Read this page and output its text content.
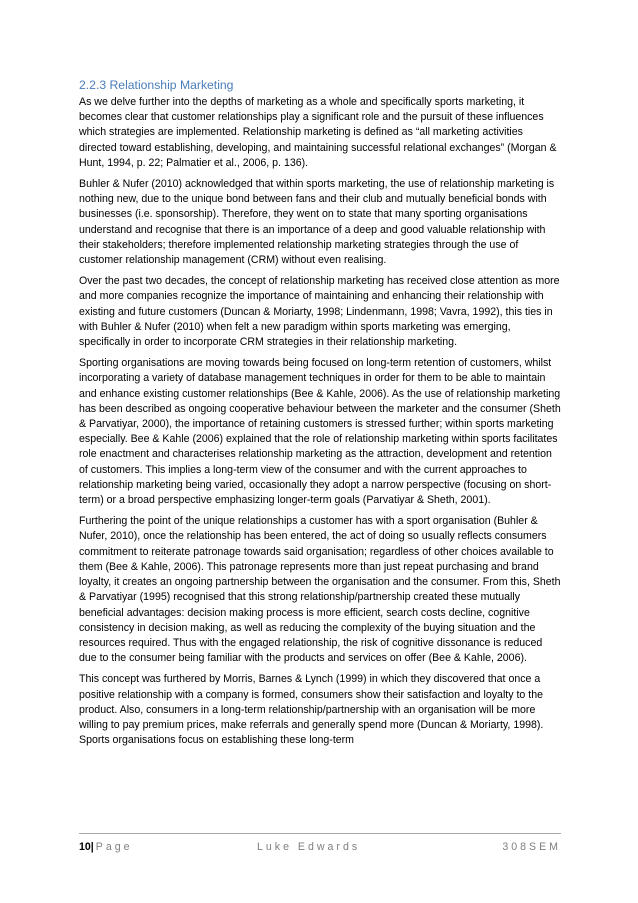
2.2.3 Relationship Marketing

As we delve further into the depths of marketing as a whole and specifically sports marketing, it becomes clear that customer relationships play a significant role and the pursuit of these influences which strategies are implemented. Relationship marketing is defined as “all marketing activities directed toward establishing, developing, and maintaining successful relational exchanges” (Morgan & Hunt, 1994, p. 22; Palmatier et al., 2006, p. 136).

Buhler & Nufer (2010) acknowledged that within sports marketing, the use of relationship marketing is nothing new, due to the unique bond between fans and their club and mutually beneficial bonds with businesses (i.e. sponsorship). Therefore, they went on to state that many sporting organisations understand and recognise that there is an importance of a deep and good valuable relationship with their stakeholders; therefore implemented relationship marketing strategies through the use of customer relationship management (CRM) without even realising.

Over the past two decades, the concept of relationship marketing has received close attention as more and more companies recognize the importance of maintaining and enhancing their relationship with existing and future customers (Duncan & Moriarty, 1998; Lindenmann, 1998; Vavra, 1992), this ties in with Buhler & Nufer (2010) when felt a new paradigm within sports marketing was emerging, specifically in order to incorporate CRM strategies in their relationship marketing.

Sporting organisations are moving towards being focused on long-term retention of customers, whilst incorporating a variety of database management techniques in order for them to be able to maintain and enhance existing customer relationships (Bee & Kahle, 2006). As the use of relationship marketing has been described as ongoing cooperative behaviour between the marketer and the consumer (Sheth & Parvatiyar, 2000), the importance of retaining customers is stressed further; within sports marketing especially. Bee & Kahle (2006) explained that the role of relationship marketing within sports facilitates role enactment and characterises relationship marketing as the attraction, development and retention of customers. This implies a long-term view of the consumer and with the current approaches to relationship marketing being varied, occasionally they adopt a narrow perspective (focusing on short-term) or a broad perspective emphasizing longer-term goals (Parvatiyar & Sheth, 2001).

Furthering the point of the unique relationships a customer has with a sport organisation (Buhler & Nufer, 2010), once the relationship has been entered, the act of doing so usually reflects consumers commitment to reiterate patronage towards said organisation; regardless of other choices available to them (Bee & Kahle, 2006). This patronage represents more than just repeat purchasing and brand loyalty, it creates an ongoing partnership between the organisation and the consumer. From this, Sheth & Parvatiyar (1995) recognised that this strong relationship/partnership created these mutually beneficial advantages: decision making process is more efficient, search costs decline, cognitive consistency in decision making, as well as reducing the complexity of the buying situation and the resources required. Thus with the engaged relationship, the risk of cognitive dissonance is reduced due to the consumer being familiar with the products and services on offer (Bee & Kahle, 2006).

This concept was furthered by Morris, Barnes & Lynch (1999) in which they discovered that once a positive relationship with a company is formed, consumers show their satisfaction and loyalty to the product. Also, consumers in a long-term relationship/partnership with an organisation will be more willing to pay premium prices, make referrals and generally spend more (Duncan & Moriarty, 1998). Sports organisations focus on establishing these long-term

10| Page	Luke Edwards	308SEM
